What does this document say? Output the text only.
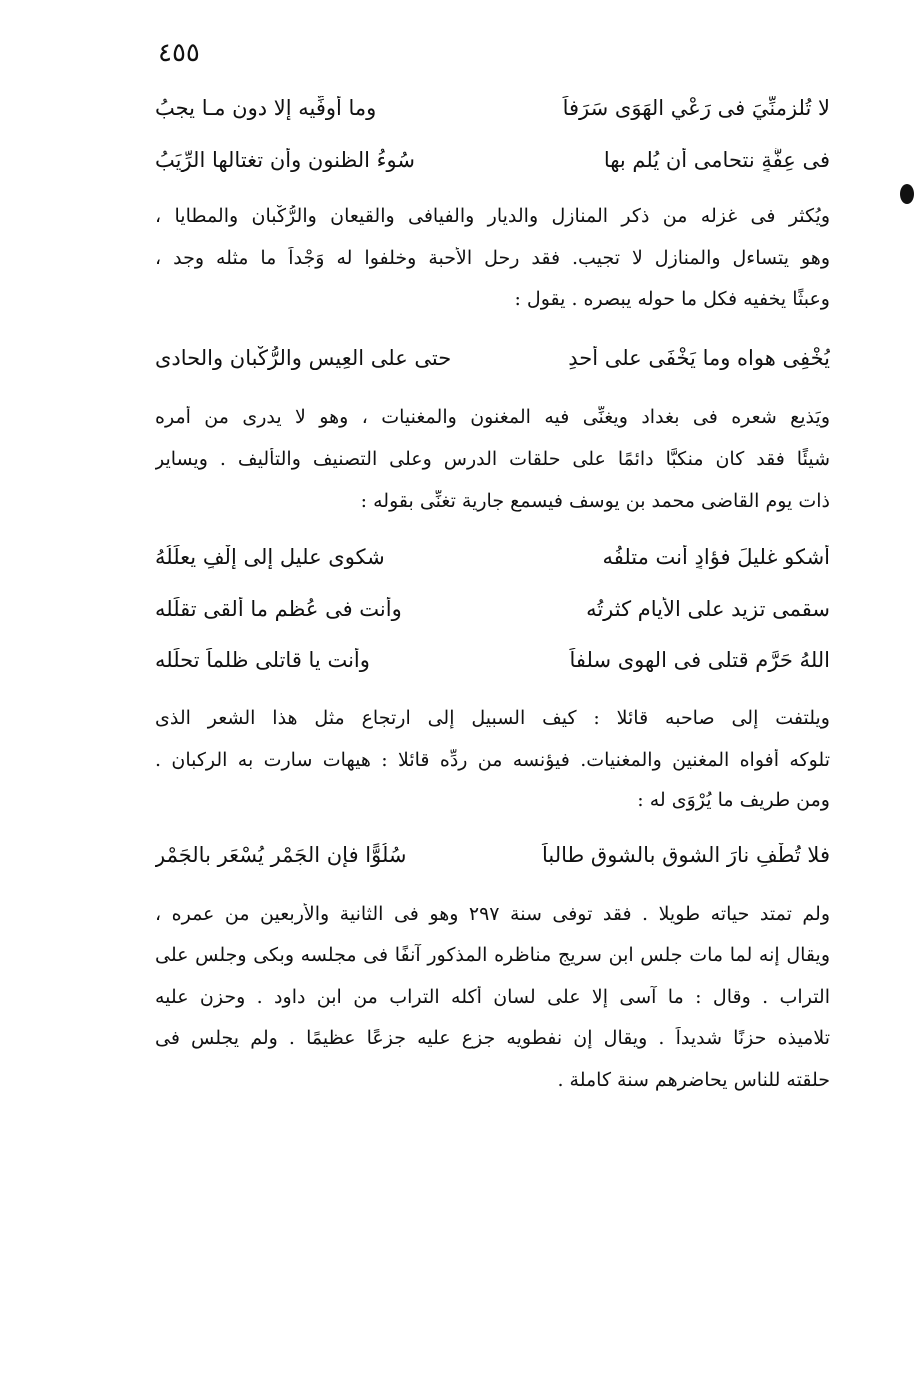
٤٥٥
لا تُلزمنِّيَ فى رَعْيِ الهَوَى سَرَفاً
وما أُوفِّيه إلا دون مـا يجبُ
فى عِفَّةٍ نتحامى أن يُلم بها
سُوءُ الظنون وأن تغتالها الرِّيَبُ
ويُكثر فى غزله من ذكر المنازل والديار والفيافى والقيعان والرُّكْبان والمطايا ،
وهو يتساءل والمنازل لا تجيب. فقد رحل الأحبة وخلفوا له وَجْداً ما مثله وجد ،
وعبثًا يخفيه فكل ما حوله يبصره . يقول :
يُخْفِى هواه وما يَخْفَى على أحدِ
حتى على العِيس والرُّكْبان والحادى
ويَذيع شعره فى بغداد ويغنِّى فيه المغنون والمغنيات ، وهو لا يدرى من أمره
شيئًا فقد كان منكبًّا دائمًا على حلقات الدرس وعلى التصنيف والتأليف . ويساير
ذات يوم القاضى محمد بن يوسف فيسمع جارية تغنِّى بقوله :
أشكو غليلَ فؤادٍ أنت متلفُه
شكوى عليلٍ إلى إلْفٍ يعلِّلُهُ
سقمى تزيد على الأيام كثرتُه
وأنت فى عُظم ما أَلقى تقلِّله
اللهُ حَرَّم قتلى فى الهوى سلفاً
وأنت يا قاتلى ظلماً تحلِّله
ويلتفت إلى صاحبه قائلا : كيف السبيل إلى ارتجاع مثل هذا الشعر الذى
تلوكه أفواه المغنين والمغنيات. فيؤنسه من ردِّه قائلا : هيهات سارت به الركبان .
ومن طريف ما يُرْوَى له :
فلا تُطْفِ نارَ الشوق بالشوق طالباً
سُلُوًّا فإن الجَمْر يُسْعَر بالجَمْرِ
ولم تمتد حياته طويلا . فقد توفى سنة ٢٩٧ وهو فى الثانية والأربعين من عمره ،
ويقال إنه لما مات جلس ابن سريج مناظره المذكور آنفًا فى مجلسه وبكى وجلس على
التراب . وقال : ما آسى إلا على لسان أكله التراب من ابن داود . وحزن عليه
تلاميذه حزنًا شديداً . ويقال إن نفطويه جزع عليه جزعًا عظيمًا . ولم يجلس فى
حلقته للناس يحاضرهم سنة كاملة .
